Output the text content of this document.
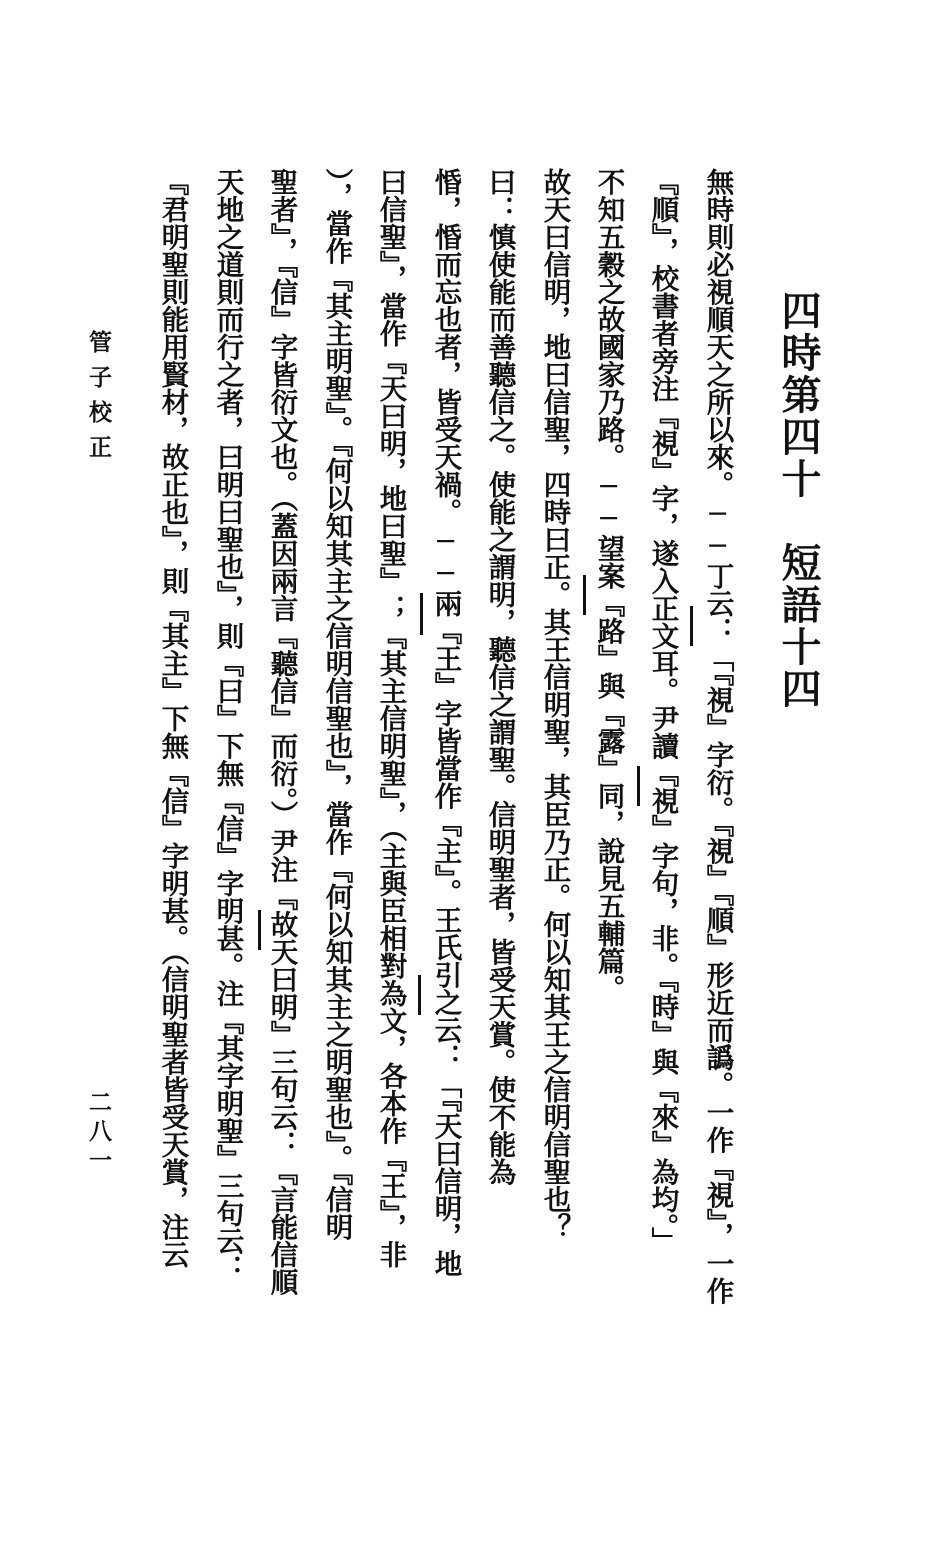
四時第四十　短語十四
無時則必視順天之所以來。──丁云：「『視』字衍。『視』『順』形近而譌。一作『視』，一作
『順』，校書者旁注『視』字，遂入正文耳。尹讀『視』字句，非。『時』與『來』為均。」
不知五穀之故國家乃路。──望案『路』與『露』同，說見五輔篇。
故天曰信明，地曰信聖，四時曰正。其王信明聖，其臣乃正。何以知其王之信明信聖也？
曰：慎使能而善聽信之。使能之謂明，聽信之謂聖。信明聖者，皆受天賞。使不能為
惛，惛而忘也者，皆受天禍。──兩『王』字皆當作『主』。王氏引之云：「『天曰信明，地
曰信聖』，當作『天曰明，地曰聖』；『其主信明聖』，（主與臣相對為文，各本作『王』，非
），當作『其主明聖』。『何以知其主之信明信聖也』，當作『何以知其主之明聖也』。『信明
聖者』，『信』字皆衍文也。（蓋因兩言『聽信』而衍。）尹注『故天曰明』三句云：『言能信順
天地之道則而行之者，曰明曰聖也』，則『曰』下無『信』字明甚。注『其字明聖』三句云：
『君明聖則能用賢材，故正也』，則『其主』下無『信』字明甚。（信明聖者皆受天賞，注云
管子校正
二八一
